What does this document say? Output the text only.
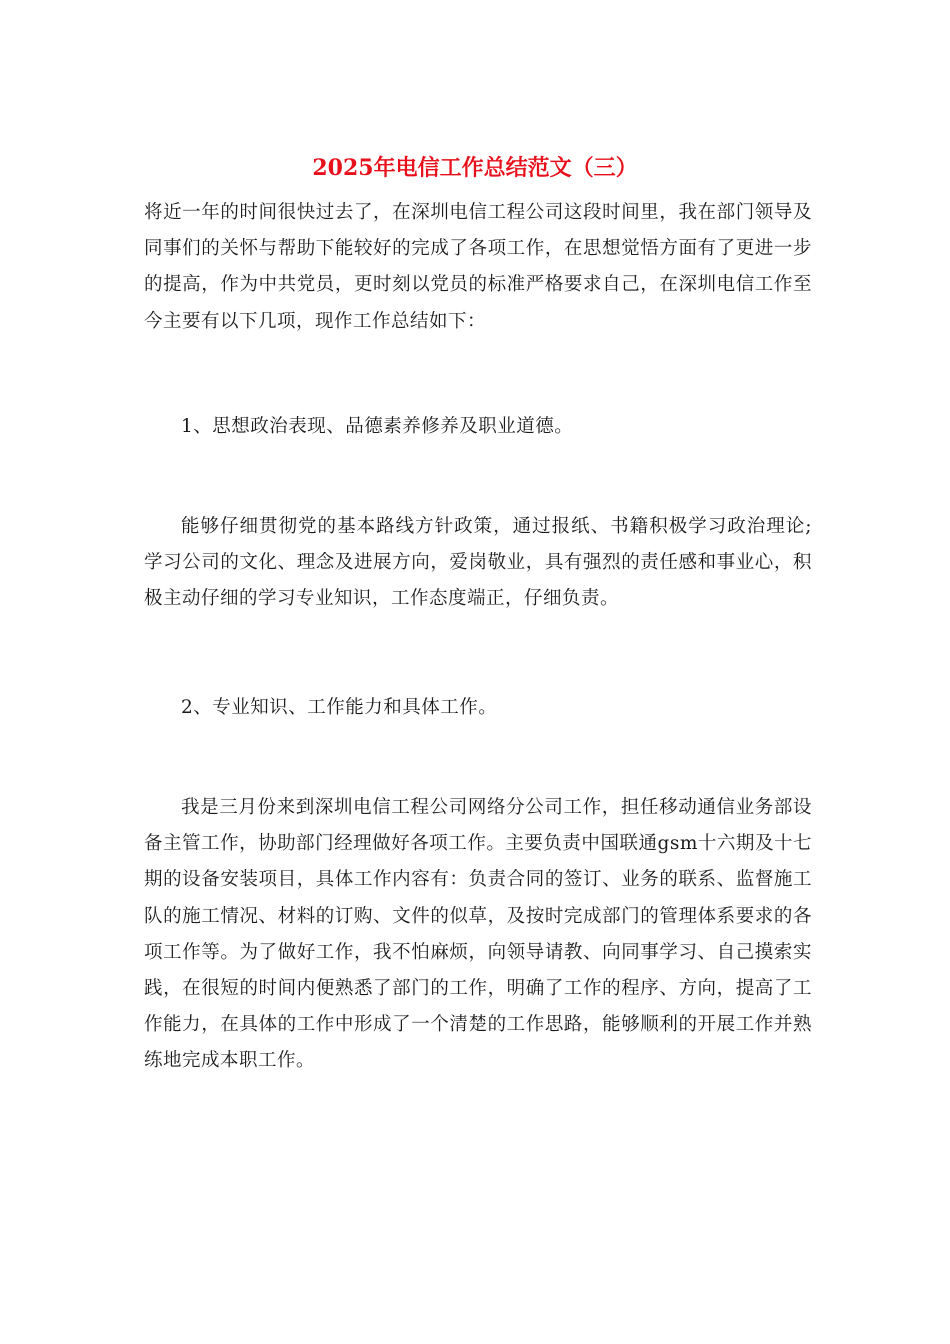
2025年电信工作总结范文（三）

将近一年的时间很快过去了，在深圳电信工程公司这段时间里，我在部门领导及同事们的关怀与帮助下能较好的完成了各项工作，在思想觉悟方面有了更进一步的提高，作为中共党员，更时刻以党员的标准严格要求自己，在深圳电信工作至今主要有以下几项，现作工作总结如下：

1、思想政治表现、品德素养修养及职业道德。

能够仔细贯彻党的基本路线方针政策，通过报纸、书籍积极学习政治理论;学习公司的文化、理念及进展方向，爱岗敬业，具有强烈的责任感和事业心，积极主动仔细的学习专业知识，工作态度端正，仔细负责。

2、专业知识、工作能力和具体工作。

我是三月份来到深圳电信工程公司网络分公司工作，担任移动通信业务部设备主管工作，协助部门经理做好各项工作。主要负责中国联通gsm十六期及十七期的设备安装项目，具体工作内容有：负责合同的签订、业务的联系、监督施工队的施工情况、材料的订购、文件的似草，及按时完成部门的管理体系要求的各项工作等。为了做好工作，我不怕麻烦，向领导请教、向同事学习、自己摸索实践，在很短的时间内便熟悉了部门的工作，明确了工作的程序、方向，提高了工作能力，在具体的工作中形成了一个清楚的工作思路，能够顺利的开展工作并熟练地完成本职工作。
